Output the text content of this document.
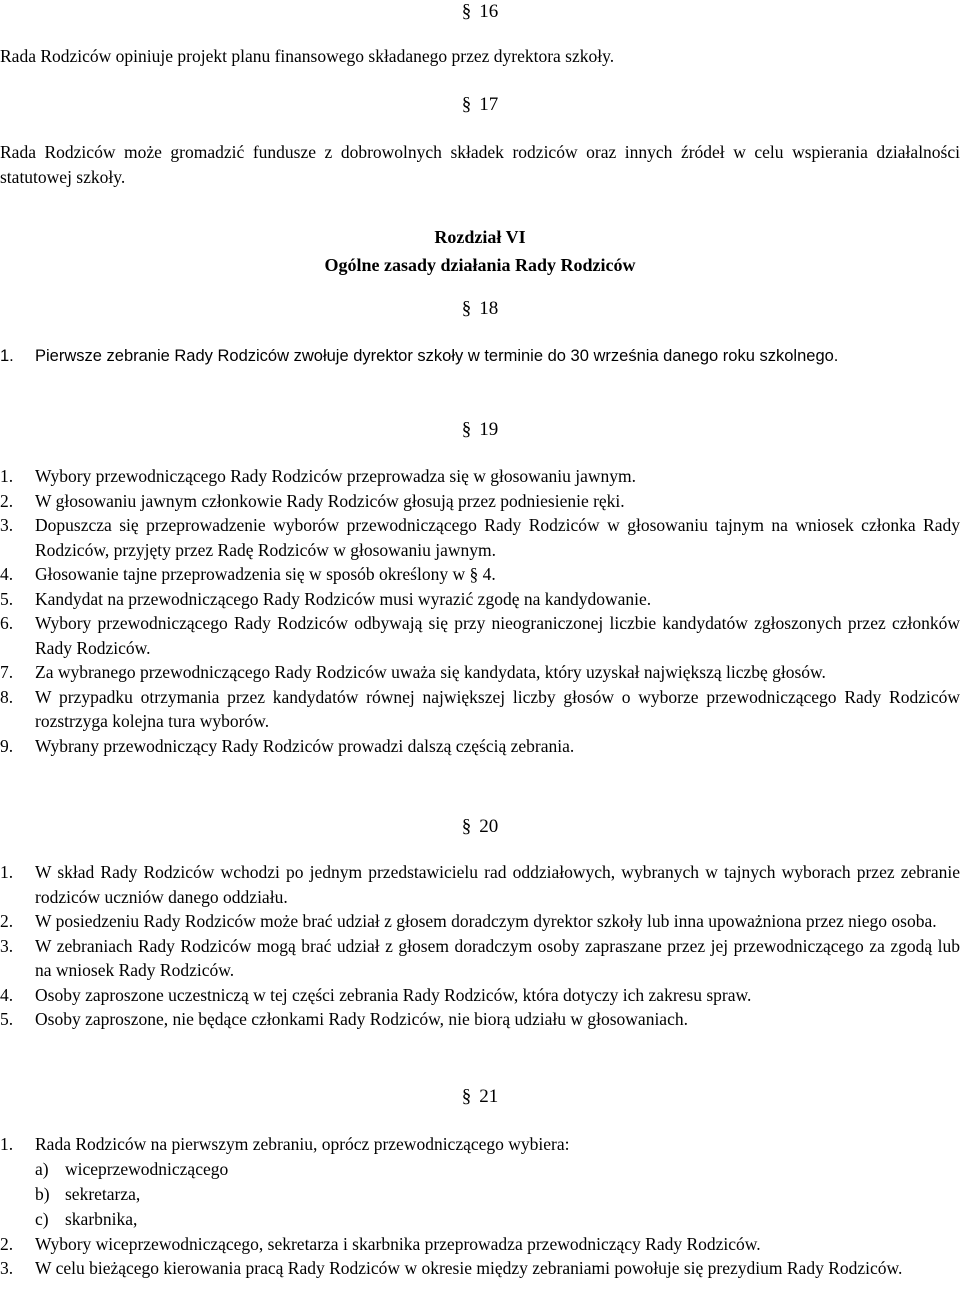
§ 16

Rada Rodziców opiniuje projekt planu finansowego składanego przez dyrektora szkoły.

§ 17

Rada Rodziców może gromadzić fundusze z dobrowolnych składek rodziców oraz innych źródeł w celu wspierania działalności statutowej szkoły.

Rozdział VI
Ogólne zasady działania Rady Rodziców
§ 18
1. Pierwsze zebranie Rady Rodziców zwołuje dyrektor szkoły w terminie do 30 września danego roku szkolnego.
§ 19
1. Wybory przewodniczącego Rady Rodziców przeprowadza się w głosowaniu jawnym.
2. W głosowaniu jawnym członkowie Rady Rodziców głosują przez podniesienie ręki.
3. Dopuszcza się przeprowadzenie wyborów przewodniczącego Rady Rodziców w głosowaniu tajnym na wniosek członka Rady Rodziców, przyjęty przez Radę Rodziców w głosowaniu jawnym.
4. Głosowanie tajne przeprowadzenia się w sposób określony w § 4.
5. Kandydat na przewodniczącego Rady Rodziców musi wyrazić zgodę na kandydowanie.
6. Wybory przewodniczącego Rady Rodziców odbywają się przy nieograniczonej liczbie kandydatów zgłoszonych przez członków Rady Rodziców.
7. Za wybranego przewodniczącego Rady Rodziców uważa się kandydata, który uzyskał największą liczbę głosów.
8. W przypadku otrzymania przez kandydatów równej największej liczby głosów o wyborze przewodniczącego Rady Rodziców rozstrzyga kolejna tura wyborów.
9. Wybrany przewodniczący Rady Rodziców prowadzi dalszą częścią zebrania.
§ 20
1. W skład Rady Rodziców wchodzi po jednym przedstawicielu rad oddziałowych, wybranych w tajnych wyborach przez zebranie rodziców uczniów danego oddziału.
2. W posiedzeniu Rady Rodziców może brać udział z głosem doradczym dyrektor szkoły lub inna upoważniona przez niego osoba.
3. W zebraniach Rady Rodziców mogą brać udział z głosem doradczym osoby zapraszane przez jej przewodniczącego za zgodą lub na wniosek Rady Rodziców.
4. Osoby zaproszone uczestniczą w tej części zebrania Rady Rodziców, która dotyczy ich zakresu spraw.
5. Osoby zaproszone, nie będące członkami Rady Rodziców, nie biorą udziału w głosowaniach.
§ 21
1. Rada Rodziców na pierwszym zebraniu, oprócz przewodniczącego wybiera:
a) wiceprzewodniczącego
b) sekretarza,
c) skarbnika,
2. Wybory wiceprzewodniczącego, sekretarza i skarbnika przeprowadza przewodniczący Rady Rodziców.
3. W celu bieżącego kierowania pracą Rady Rodziców w okresie między zebraniami powołuje się prezydium Rady Rodziców.
